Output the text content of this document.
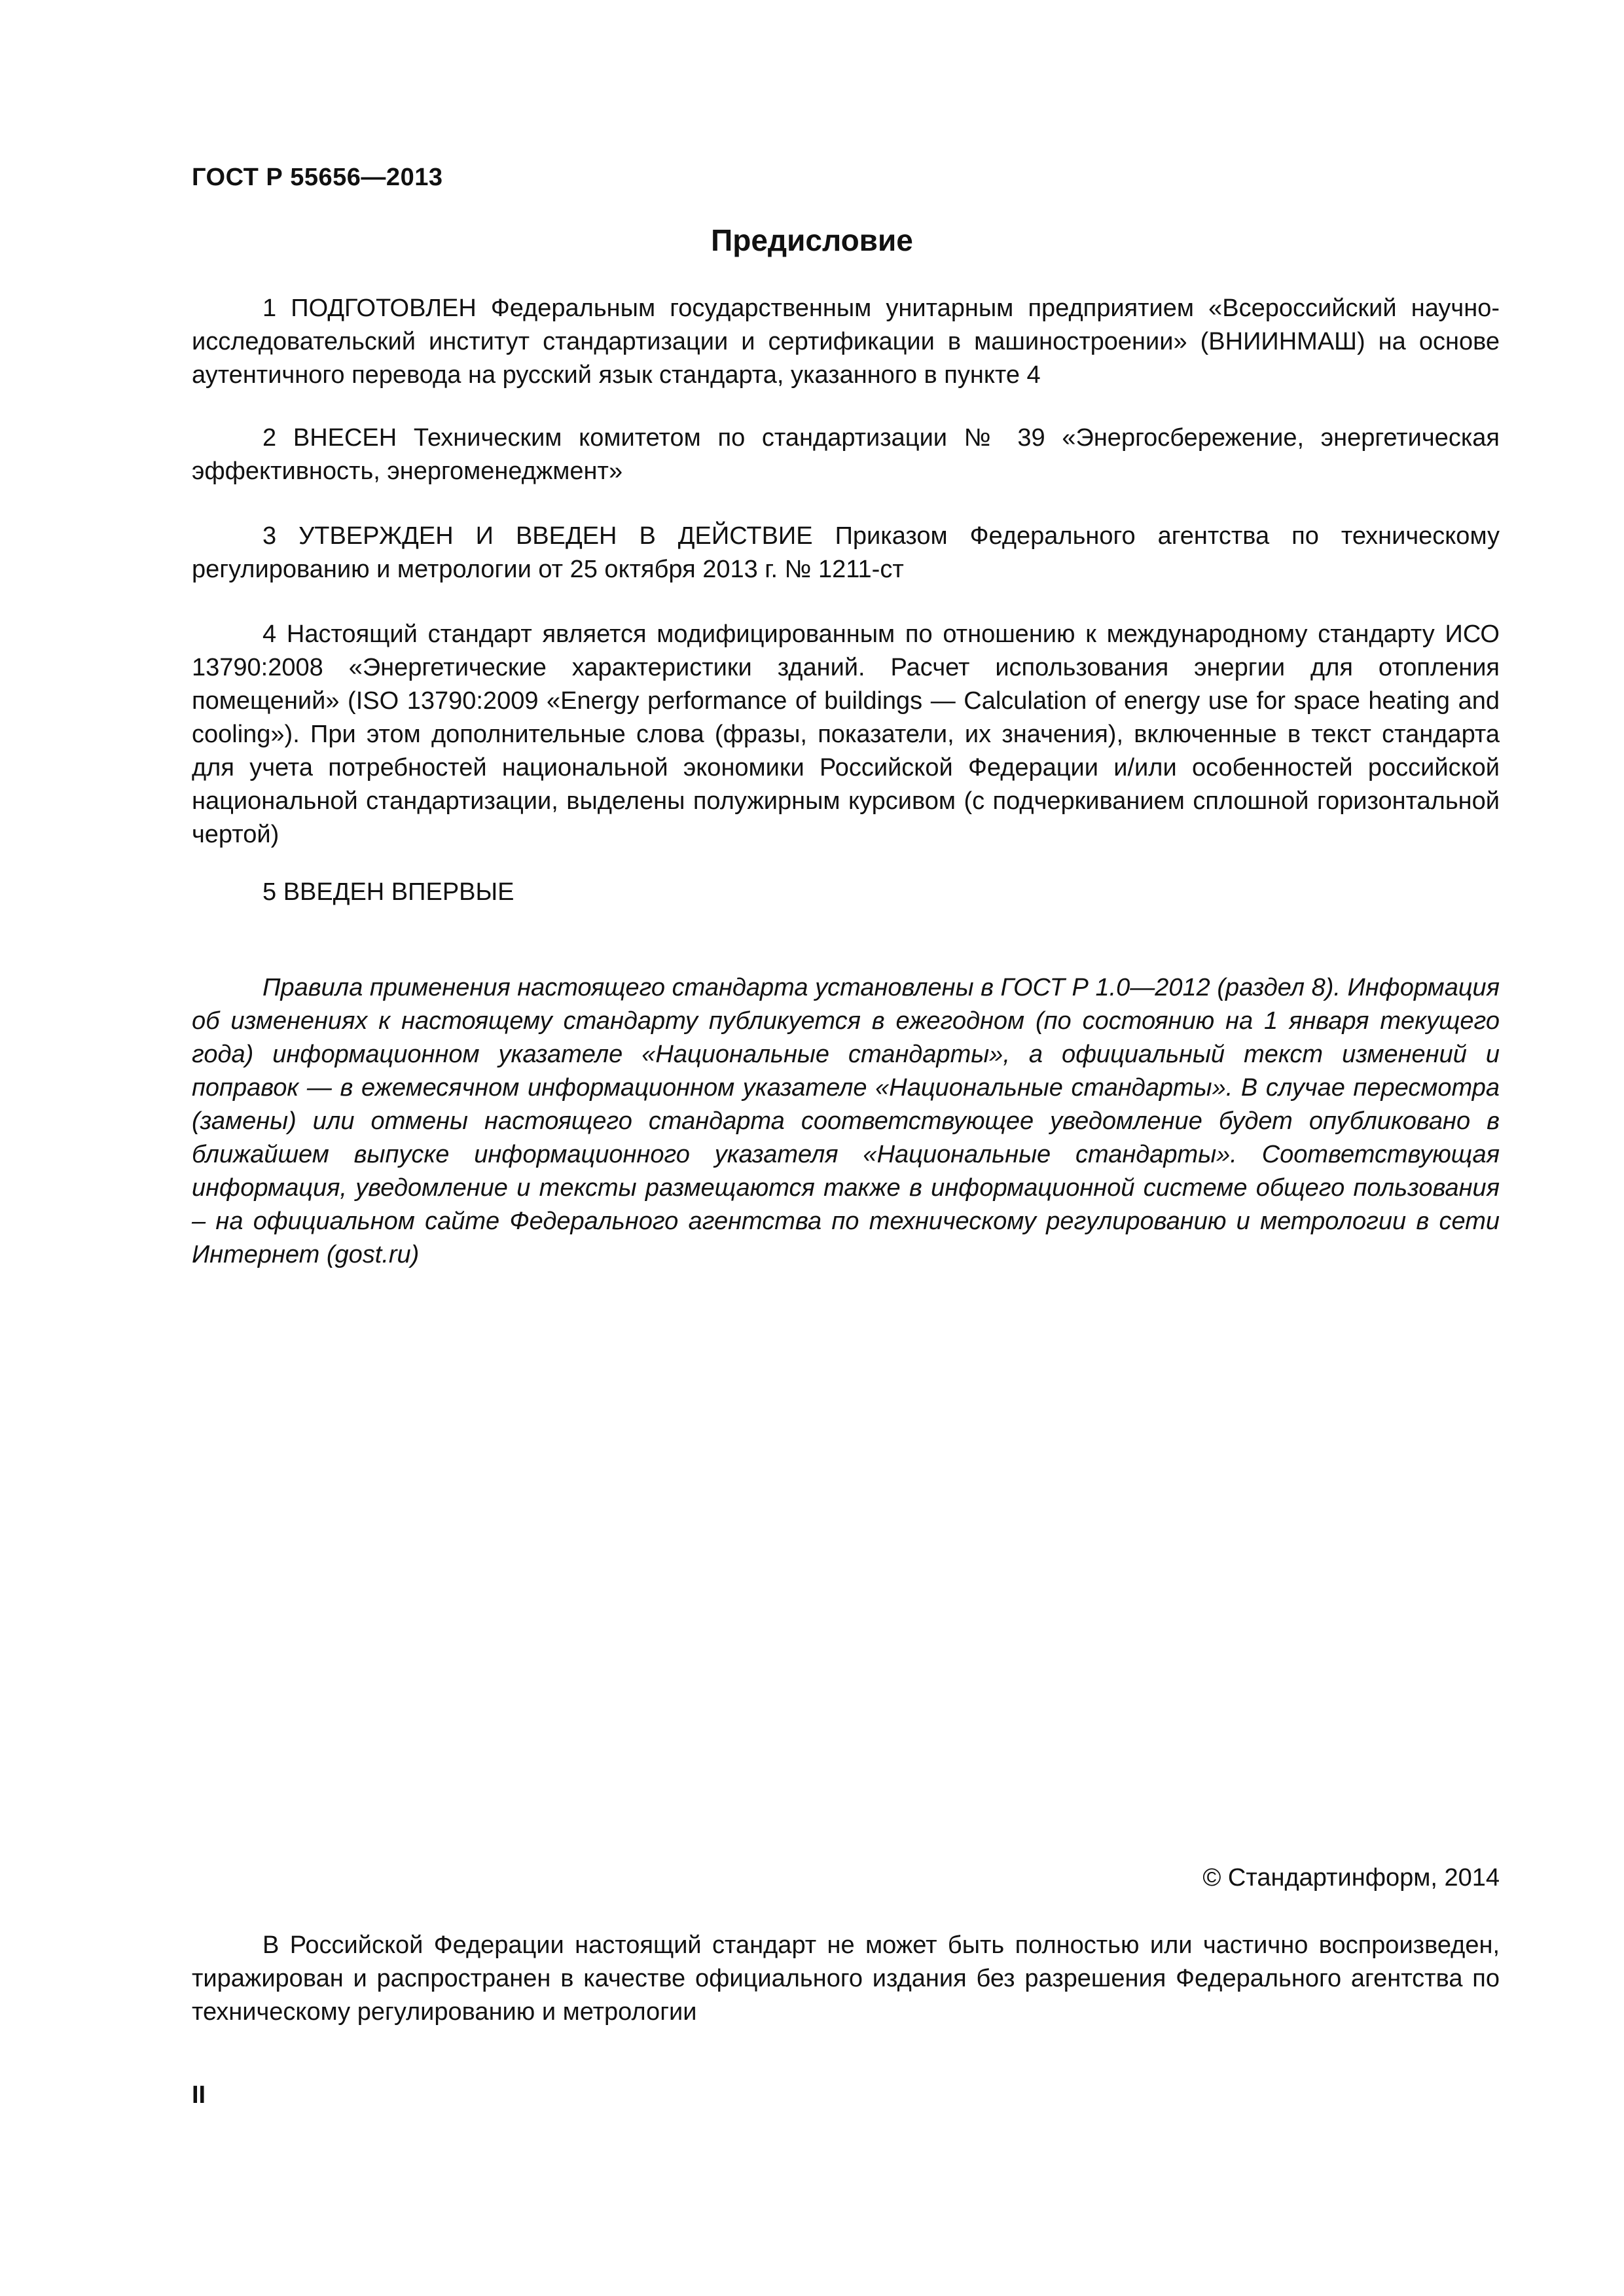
ГОСТ Р 55656—2013
Предисловие

1 ПОДГОТОВЛЕН Федеральным государственным унитарным предприятием «Всероссийский научно-исследовательский институт стандартизации и сертификации в машиностроении» (ВНИИНМАШ) на основе аутентичного перевода на русский язык стандарта, указанного в пункте 4

2 ВНЕСЕН Техническим комитетом по стандартизации № 39 «Энергосбережение, энергетическая эффективность, энергоменеджмент»

3 УТВЕРЖДЕН И ВВЕДЕН В ДЕЙСТВИЕ Приказом Федерального агентства по техническому регулированию и метрологии от 25 октября 2013 г. № 1211-ст

4 Настоящий стандарт является модифицированным по отношению к международному стандарту ИСО 13790:2008 «Энергетические характеристики зданий. Расчет использования энергии для отопления помещений» (ISO 13790:2009 «Energy performance of buildings — Calculation of energy use for space heating and cooling»). При этом дополнительные слова (фразы, показатели, их значения), включенные в текст стандарта для учета потребностей национальной экономики Российской Федерации и/или особенностей российской национальной стандартизации, выделены полужирным курсивом (с подчеркиванием сплошной горизонтальной чертой)

5 ВВЕДЕН ВПЕРВЫЕ

Правила применения настоящего стандарта установлены в ГОСТ Р 1.0—2012 (раздел 8). Информация об изменениях к настоящему стандарту публикуется в ежегодном (по состоянию на 1 января текущего года) информационном указателе «Национальные стандарты», а официальный текст изменений и поправок — в ежемесячном информационном указателе «Национальные стандарты». В случае пересмотра (замены) или отмены настоящего стандарта соответствующее уведомление будет опубликовано в ближайшем выпуске информационного указателя «Национальные стандарты». Соответствующая информация, уведомление и тексты размещаются также в информационной системе общего пользования – на официальном сайте Федерального агентства по техническому регулированию и метрологии в сети Интернет (gost.ru)

© Стандартинформ, 2014

В Российской Федерации настоящий стандарт не может быть полностью или частично воспроизведен, тиражирован и распространен в качестве официального издания без разрешения Федерального агентства по техническому регулированию и метрологии

II
